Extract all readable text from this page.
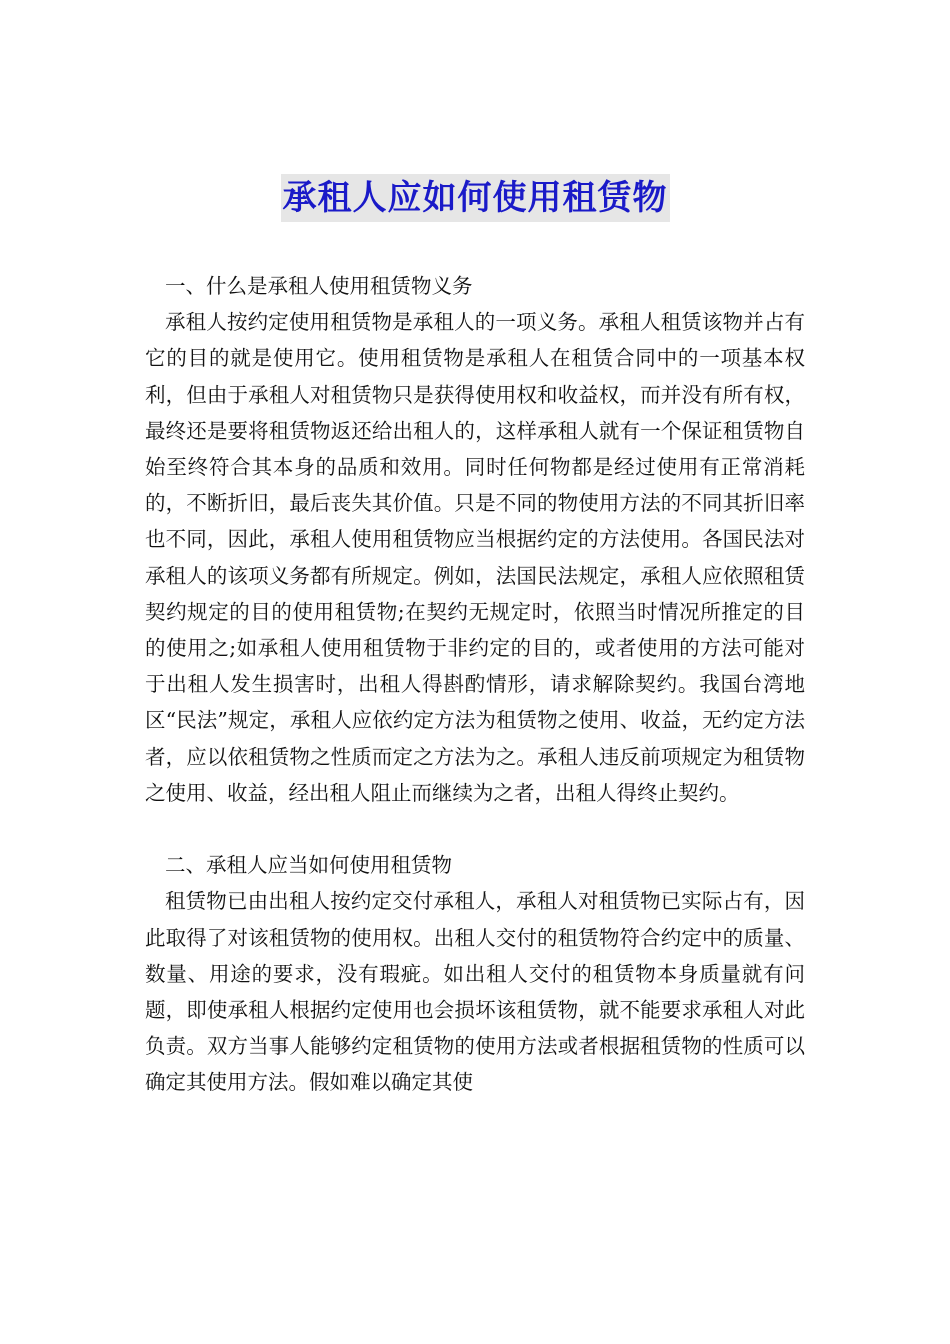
承租人应如何使用租赁物

一、什么是承租人使用租赁物义务

承租人按约定使用租赁物是承租人的一项义务。承租人租赁该物并占有它的目的就是使用它。使用租赁物是承租人在租赁合同中的一项基本权利，但由于承租人对租赁物只是获得使用权和收益权，而并没有所有权，最终还是要将租赁物返还给出租人的，这样承租人就有一个保证租赁物自始至终符合其本身的品质和效用。同时任何物都是经过使用有正常消耗的，不断折旧，最后丧失其价值。只是不同的物使用方法的不同其折旧率也不同，因此，承租人使用租赁物应当根据约定的方法使用。各国民法对承租人的该项义务都有所规定。例如，法国民法规定，承租人应依照租赁契约规定的目的使用租赁物;在契约无规定时，依照当时情况所推定的目的使用之;如承租人使用租赁物于非约定的目的，或者使用的方法可能对于出租人发生损害时，出租人得斟酌情形，请求解除契约。我国台湾地区“民法”规定，承租人应依约定方法为租赁物之使用、收益，无约定方法者，应以依租赁物之性质而定之方法为之。承租人违反前项规定为租赁物之使用、收益，经出租人阻止而继续为之者，出租人得终止契约。

二、承租人应当如何使用租赁物

租赁物已由出租人按约定交付承租人，承租人对租赁物已实际占有，因此取得了对该租赁物的使用权。出租人交付的租赁物符合约定中的质量、数量、用途的要求，没有瑕疵。如出租人交付的租赁物本身质量就有问题，即使承租人根据约定使用也会损坏该租赁物，就不能要求承租人对此负责。双方当事人能够约定租赁物的使用方法或者根据租赁物的性质可以确定其使用方法。假如难以确定其使
